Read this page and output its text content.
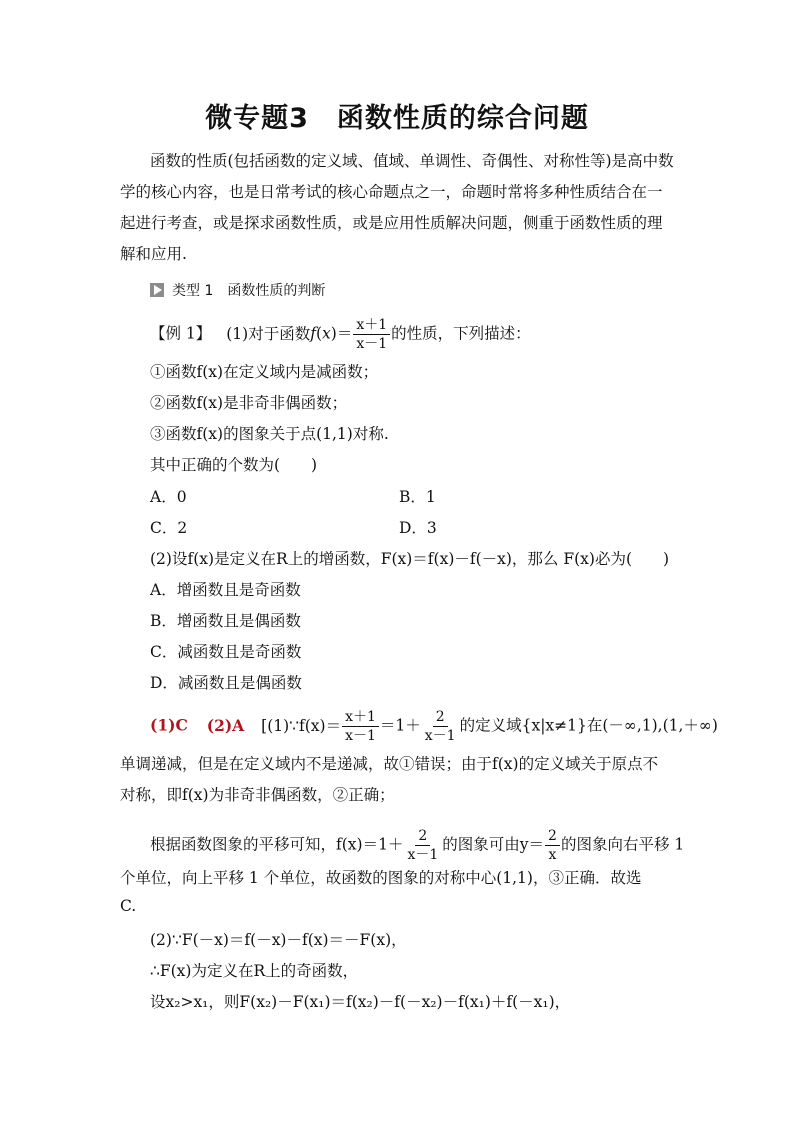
微专题3　函数性质的综合问题
函数的性质(包括函数的定义域、值域、单调性、奇偶性、对称性等)是高中数学的核心内容，也是日常考试的核心命题点之一，命题时常将多种性质结合在一起进行考查，或是探求函数性质，或是应用性质解决问题，侧重于函数性质的理解和应用.
类型 1　函数性质的判断
【例 1】 (1)对于函数$f(x)= \frac{x+1}{x-1}$ 的性质，下列描述：
①函数f(x)在定义域内是减函数；
②函数f(x)是非奇非偶函数；
③函数f(x)的图象关于点(1,1)对称.
其中正确的个数为(　　)
A．0	B．1
C．2	D．3
(2)设f(x)是定义在R上的增函数，F(x)＝f(x)－f(－x)，那么 F(x)必为(　　)
A．增函数且是奇函数
B．增函数且是偶函数
C．减函数且是奇函数
D．减函数且是偶函数
(1)C (2)A [(1)∵f(x)＝ $\frac{x+1}{x-1} =1+ \frac{2}{x-1}$ 的定义域{x|x≠1}在(－∞,1),(1,＋∞)
单调递减，但是在定义域内不是递减，故①错误；由于f(x)的定义域关于原点不
对称，即f(x)为非奇非偶函数，②正确；
根据函数图象的平移可知，$f(x)=1+ \frac{2}{x-1}$ 的图象可由$y= \frac{2}{x}$ 的图象向右平移 1
个单位，向上平移 1 个单位，故函数的图象的对称中心(1,1)，③正确．故选
C.
(2)∵F(－x)＝f(－x)－f(x)＝－F(x)，
∴F(x)为定义在R上的奇函数，
设x₂>x₁，则F(x₂)－F(x₁)＝f(x₂)－f(－x₂)－f(x₁)＋f(－x₁)，
